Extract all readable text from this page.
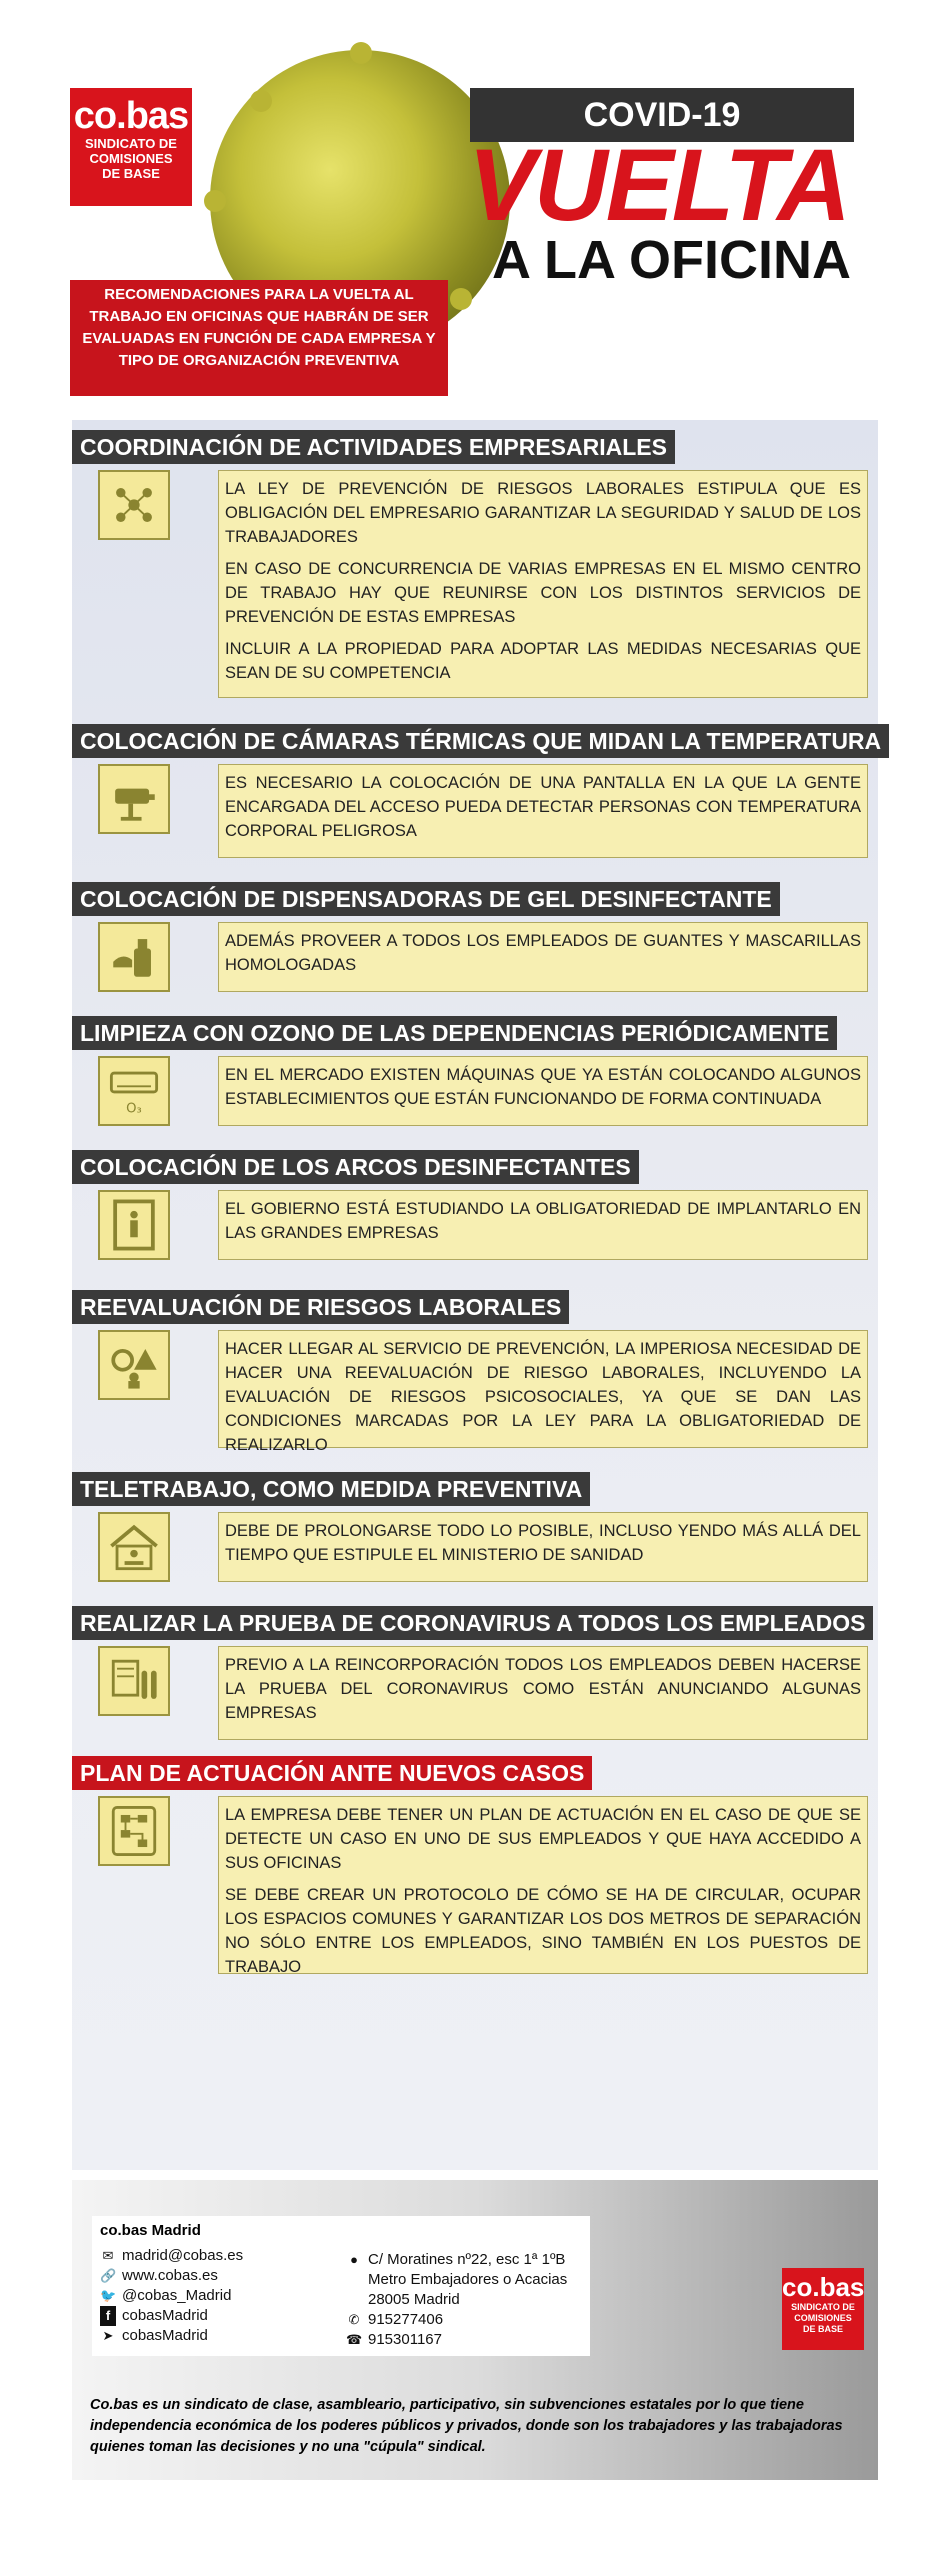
co.bas
SINDICATO DE
COMISIONES
DE BASE
COVID-19
VUELTA
A LA OFICINA
RECOMENDACIONES PARA LA VUELTA AL TRABAJO EN OFICINAS QUE HABRÁN DE SER EVALUADAS EN FUNCIÓN DE CADA EMPRESA Y TIPO DE ORGANIZACIÓN PREVENTIVA
COORDINACIÓN DE ACTIVIDADES EMPRESARIALES

LA LEY DE PREVENCIÓN DE RIESGOS LABORALES ESTIPULA QUE ES OBLIGACIÓN DEL EMPRESARIO GARANTIZAR LA SEGURIDAD Y SALUD DE LOS TRABAJADORES

EN CASO DE CONCURRENCIA DE VARIAS EMPRESAS EN EL MISMO CENTRO DE TRABAJO HAY QUE REUNIRSE CON LOS DISTINTOS SERVICIOS DE PREVENCIÓN DE ESTAS EMPRESAS

INCLUIR A LA PROPIEDAD PARA ADOPTAR LAS MEDIDAS NECESARIAS QUE SEAN DE SU COMPETENCIA

COLOCACIÓN DE CÁMARAS TÉRMICAS QUE MIDAN LA TEMPERATURA

ES NECESARIO LA COLOCACIÓN DE UNA PANTALLA EN LA QUE LA GENTE ENCARGADA DEL ACCESO PUEDA DETECTAR PERSONAS CON TEMPERATURA CORPORAL PELIGROSA

COLOCACIÓN DE DISPENSADORAS DE GEL DESINFECTANTE

ADEMÁS PROVEER A TODOS LOS EMPLEADOS DE GUANTES Y MASCARILLAS HOMOLOGADAS

LIMPIEZA CON OZONO DE LAS DEPENDENCIAS PERIÓDICAMENTE
O₃

EN EL MERCADO EXISTEN MÁQUINAS QUE YA ESTÁN COLOCANDO ALGUNOS ESTABLECIMIENTOS QUE ESTÁN FUNCIONANDO DE FORMA CONTINUADA

COLOCACIÓN DE LOS ARCOS DESINFECTANTES

EL GOBIERNO ESTÁ ESTUDIANDO LA OBLIGATORIEDAD DE IMPLANTARLO EN LAS GRANDES EMPRESAS

REEVALUACIÓN DE RIESGOS LABORALES

HACER LLEGAR AL SERVICIO DE PREVENCIÓN, LA IMPERIOSA NECESIDAD DE HACER UNA REEVALUACIÓN DE RIESGO LABORALES, INCLUYENDO LA EVALUACIÓN DE RIESGOS PSICOSOCIALES, YA QUE SE DAN LAS CONDICIONES MARCADAS POR LA LEY PARA LA OBLIGATORIEDAD DE REALIZARLO

TELETRABAJO, COMO MEDIDA PREVENTIVA

DEBE DE PROLONGARSE TODO LO POSIBLE, INCLUSO YENDO MÁS ALLÁ DEL TIEMPO QUE ESTIPULE EL MINISTERIO DE SANIDAD

REALIZAR LA PRUEBA DE CORONAVIRUS A TODOS LOS EMPLEADOS

PREVIO A LA REINCORPORACIÓN TODOS LOS EMPLEADOS DEBEN HACERSE LA PRUEBA DEL CORONAVIRUS COMO ESTÁN ANUNCIANDO ALGUNAS EMPRESAS

PLAN DE ACTUACIÓN ANTE NUEVOS CASOS

LA EMPRESA DEBE TENER UN PLAN DE ACTUACIÓN EN EL CASO DE QUE SE DETECTE UN CASO EN UNO DE SUS EMPLEADOS Y QUE HAYA ACCEDIDO A SUS OFICINAS

SE DEBE CREAR UN PROTOCOLO DE CÓMO SE HA DE CIRCULAR, OCUPAR LOS ESPACIOS COMUNES Y GARANTIZAR LOS DOS METROS DE SEPARACIÓN NO SÓLO ENTRE LOS EMPLEADOS, SINO TAMBIÉN EN LOS PUESTOS DE TRABAJO

co.bas Madrid
✉ madrid@cobas.es
🔗 www.cobas.es
🐦 @cobas_Madrid
f cobasMadrid
➤ cobasMadrid
● C/ Moratines nº22, esc 1ª 1ºB
Metro Embajadores o Acacias
28005 Madrid
✆ 915277406
☎ 915301167
co.bas
SINDICATO DE
COMISIONES
DE BASE
Co.bas es un sindicato de clase, asambleario, participativo, sin subvenciones estatales por lo que tiene independencia económica de los poderes públicos y privados, donde son los trabajadores y las trabajadoras quienes toman las decisiones y no una "cúpula" sindical.
